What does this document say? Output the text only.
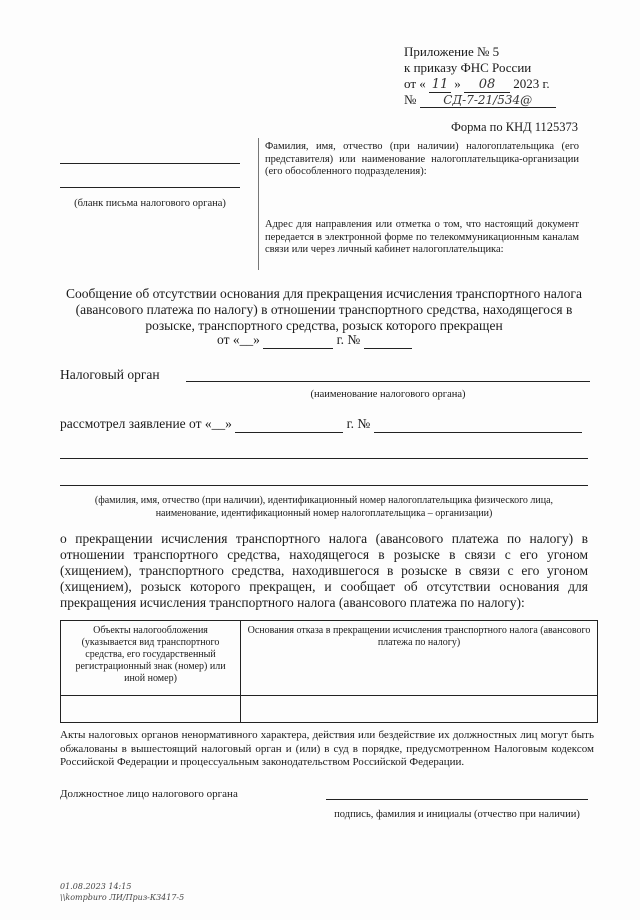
Приложение № 5
к приказу ФНС России
от « 11 » 08 2023 г.
№ СД-7-21/534@
Форма по КНД 1125373
(бланк письма налогового органа)
Фамилия, имя, отчество (при наличии) налогоплательщика (его представителя) или наименование налогоплательщика-организации (его обособленного подразделения):
Адрес для направления или отметка о том, что настоящий документ передается в электронной форме по телекоммуникационным каналам связи или через личный кабинет налогоплательщика:
Сообщение об отсутствии основания для прекращения исчисления транспортного налога
(авансового платежа по налогу) в отношении транспортного средства, находящегося в
розыске, транспортного средства, розыск которого прекращен
от «__»	г. №
Налоговый орган
(наименование налогового органа)
рассмотрел заявление от «__»	г. №
(фамилия, имя, отчество (при наличии), идентификационный номер налогоплательщика физического лица,
наименование, идентификационный номер налогоплательщика – организации)
о прекращении исчисления транспортного налога (авансового платежа по налогу) в отношении транспортного средства, находящегося в розыске в связи с его угоном (хищением), транспортного средства, находившегося в розыске в связи с его угоном (хищением), розыск которого прекращен, и сообщает об отсутствии основания для прекращения исчисления транспортного налога (авансового платежа по налогу):
Объекты налогообложения (указывается вид транспортного средства, его государственный регистрационный знак (номер) или иной номер)	Основания отказа в прекращении исчисления транспортного налога (авансового платежа по налогу)

Акты налоговых органов ненормативного характера, действия или бездействие их должностных лиц могут быть обжалованы в вышестоящий налоговый орган и (или) в суд в порядке, предусмотренном Налоговым кодексом Российской Федерации и процессуальным законодательством Российской Федерации.
Должностное лицо налогового органа
подпись, фамилия и инициалы (отчество при наличии)
01.08.2023 14:15
\\kompburo ЛИ/Приз-К3417-5
